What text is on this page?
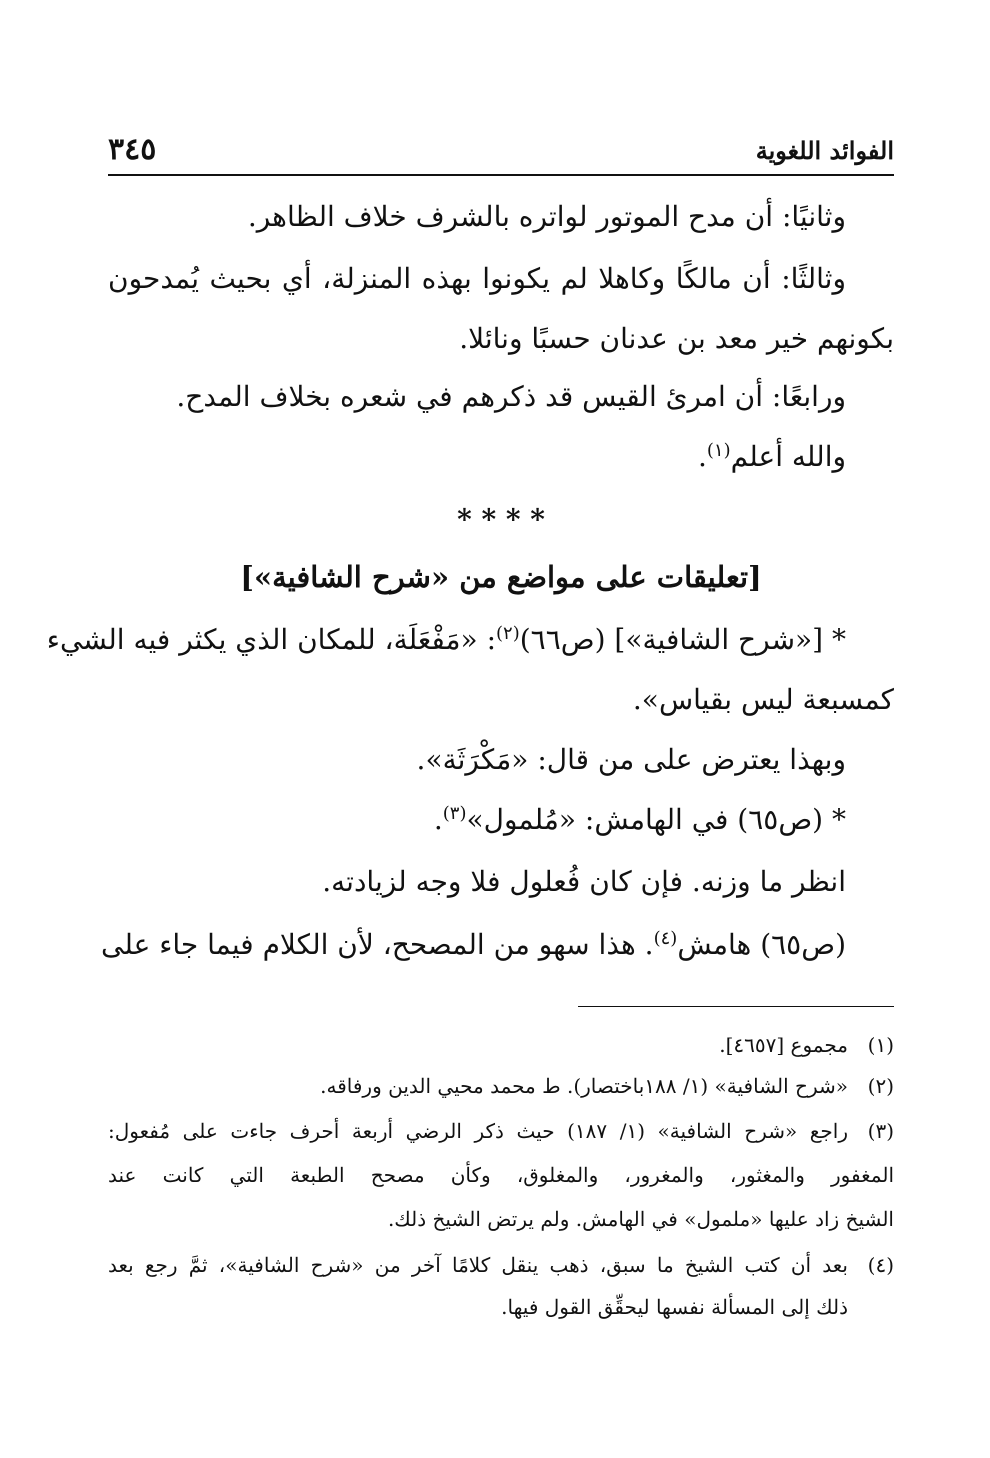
الفوائد اللغوية
٣٤٥
وثانيًا: أن مدح الموتور لواتره بالشرف خلاف الظاهر.
وثالثًا: أن مالكًا وكاهلا لم يكونوا بهذه المنزلة، أي بحيث يُمدحون
بكونهم خير معد بن عدنان حسبًا ونائلا.
ورابعًا: أن امرئ القيس قد ذكرهم في شعره بخلاف المدح.
والله أعلم$^{(١)}$.
* * * *
[تعليقات على مواضع من «شرح الشافية»]
* [«شرح الشافية»] (ص٦٦)$^{(٢)}$: «مَفْعَلَة، للمكان الذي يكثر فيه الشيء
كمسبعة ليس بقياس».
وبهذا يعترض على من قال: «مَكْرَثَة».
* (ص٦٥) في الهامش: «مُلمول»$^{(٣)}$.
انظر ما وزنه. فإن كان فُعلول فلا وجه لزيادته.
(ص٦٥) هامش$^{(٤)}$. هذا سهو من المصحح، لأن الكلام فيما جاء على
(١)
مجموع [٤٦٥٧].
(٢)
«شرح الشافية» (١/ ١٨٨باختصار). ط محمد محيي الدين ورفاقه.
(٣)
راجع «شرح الشافية» (١/ ١٨٧) حيث ذكر الرضي أربعة أحرف جاءت على مُفعول:
المغفور والمغثور، والمغرور، والمغلوق، وكأن مصحح الطبعة التي كانت عند
الشيخ زاد عليها «ملمول» في الهامش. ولم يرتض الشيخ ذلك.
(٤)
بعد أن كتب الشيخ ما سبق، ذهب ينقل كلامًا آخر من «شرح الشافية»، ثمَّ رجع بعد
ذلك إلى المسألة نفسها ليحقِّق القول فيها.
